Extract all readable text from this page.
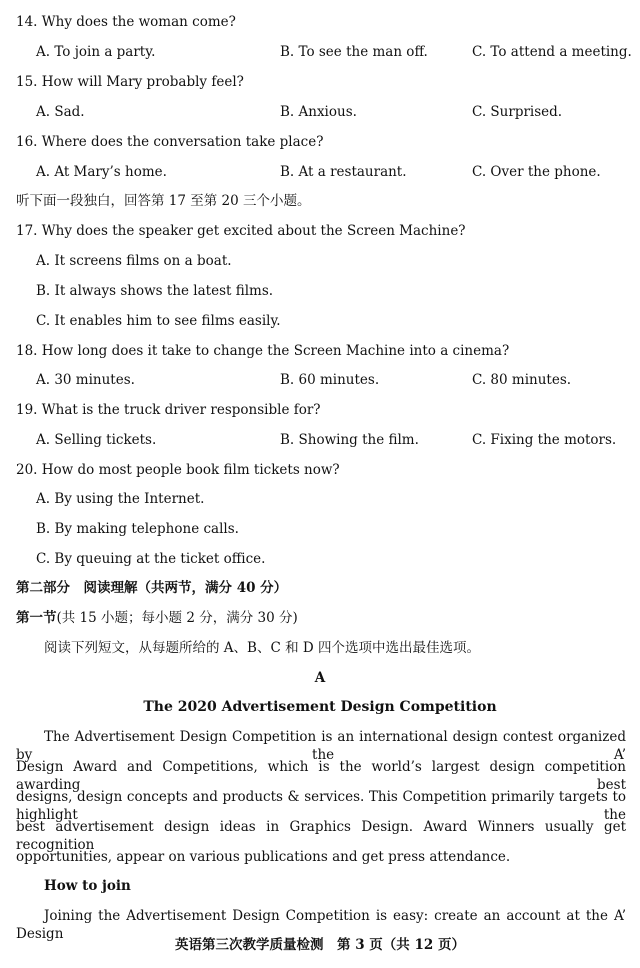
14. Why does the woman come?
A. To join a party.	B. To see the man off.	C. To attend a meeting.
15. How will Mary probably feel?
A. Sad.	B. Anxious.	C. Surprised.
16. Where does the conversation take place?
A. At Mary’s home.	B. At a restaurant.	C. Over the phone.
听下面一段独白，回答第 17 至第 20 三个小题。
17. Why does the speaker get excited about the Screen Machine?
A. It screens films on a boat.
B. It always shows the latest films.
C. It enables him to see films easily.
18. How long does it take to change the Screen Machine into a cinema?
A. 30 minutes.	B. 60 minutes.	C. 80 minutes.
19. What is the truck driver responsible for?
A. Selling tickets.	B. Showing the film.	C. Fixing the motors.
20. How do most people book film tickets now?
A. By using the Internet.
B. By making telephone calls.
C. By queuing at the ticket office.
第二部分　阅读理解（共两节，满分 40 分）
第一节(共 15 小题；每小题 2 分，满分 30 分)
阅读下列短文，从每题所给的 A、B、C 和 D 四个选项中选出最佳选项。
A
The 2020 Advertisement Design Competition
The Advertisement Design Competition is an international design contest organized by the A’
Design Award and Competitions, which is the world’s largest design competition awarding best
designs, design concepts and products & services. This Competition primarily targets to highlight the
best advertisement design ideas in Graphics Design. Award Winners usually get recognition
opportunities, appear on various publications and get press attendance.
How to join
Joining the Advertisement Design Competition is easy: create an account at the A’ Design
英语第三次教学质量检测　第 3 页（共 12 页）
